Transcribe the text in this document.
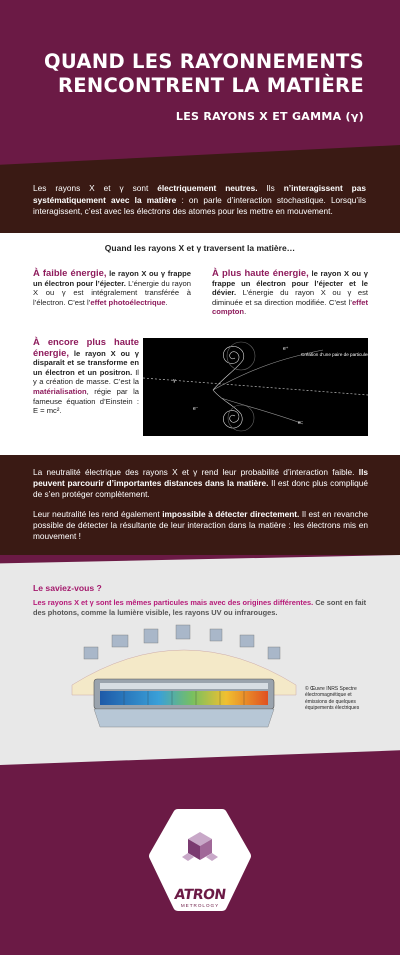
QUAND LES RAYONNEMENTS
RENCONTRENT LA MATIÈRE
LES RAYONS X ET GAMMA (γ)
Les rayons X et γ sont électriquement neutres. Ils n’interagissent pas systématiquement avec la matière : on parle d’interaction stochastique. Lorsqu’ils interagissent, c’est avec les électrons des atomes pour les mettre en mouvement.
Quand les rayons X et γ traversent la matière…
À faible énergie, le rayon X ou γ frappe un électron pour l’éjecter. L’énergie du rayon X ou γ est intégralement transférée à l’électron. C’est l’effet photoélectrique.
À plus haute énergie, le rayon X ou γ frappe un électron pour l’éjecter et le dévier. L’énergie du rayon X ou γ est diminuée et sa direction modifiée. C’est l’effet compton.
À encore plus haute énergie, le rayon X ou γ disparaît et se transforme en un électron et un positron. Il y a création de masse. C’est la matérialisation, régie par la fameuse équation d’Einstein : E = mc².
Création d’une paire de particules
γ
e⁺
e⁻
e⁻
La neutralité électrique des rayons X et γ rend leur probabilité d’interaction faible. Ils peuvent parcourir d’importantes distances dans la matière. Il est donc plus compliqué de s’en protéger complètement.
Leur neutralité les rend également impossible à détecter directement. Il est en revanche possible de détecter la résultante de leur interaction dans la matière : les électrons mis en mouvement !
Le saviez-vous ?
Les rayons X et γ sont les mêmes particules mais avec des origines différentes. Ce sont en fait des photons, comme la lumière visible, les rayons UV ou infrarouges.
© Œuvre INRS Spectre électromagnétique et émissions de quelques équipements électriques
ATRON
METROLOGY
